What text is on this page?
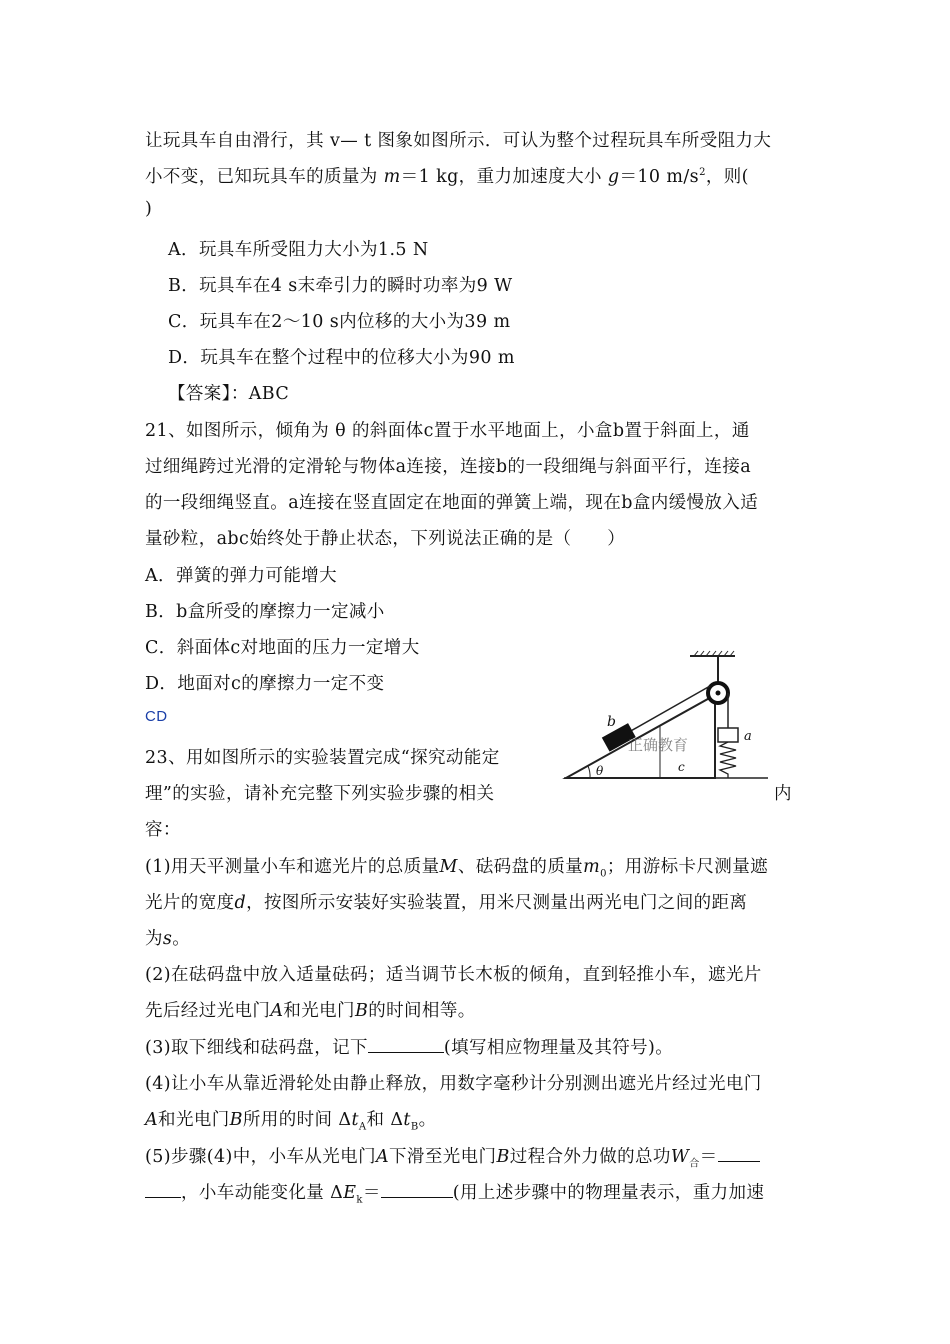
让玩具车自由滑行，其 v— t 图象如图所示．可认为整个过程玩具车所受阻力大
小不变，已知玩具车的质量为 m＝1 kg，重力加速度大小 g＝10 $m/s^2$，则(
)
A．玩具车所受阻力大小为1.5 N
B．玩具车在4 s末牵引力的瞬时功率为9 W
C．玩具车在2～10 s内位移的大小为39 m
D．玩具车在整个过程中的位移大小为90 m
【答案】：ABC
21、如图所示，倾角为 θ 的斜面体c置于水平地面上，小盒b置于斜面上，通
过细绳跨过光滑的定滑轮与物体a连接，连接b的一段细绳与斜面平行，连接a
的一段细绳竖直。a连接在竖直固定在地面的弹簧上端，现在b盒内缓慢放入适
量砂粒，abc始终处于静止状态，下列说法正确的是（　　）
A．弹簧的弹力可能增大
B．b盒所受的摩擦力一定减小
C．斜面体c对地面的压力一定增大
D．地面对c的摩擦力一定不变
CD	b
a
c
θ
正确教育
23、用如图所示的实验装置完成“探究动能定
理”的实验，请补充完整下列实验步骤的相关	内
容：
(1)用天平测量小车和遮光片的总质量M、砝码盘的质量$m_0$；用游标卡尺测量遮
光片的宽度d，按图所示安装好实验装置，用米尺测量出两光电门之间的距离
为s。
(2)在砝码盘中放入适量砝码；适当调节长木板的倾角，直到轻推小车，遮光片
先后经过光电门A和光电门B的时间相等。
(3)取下细线和砝码盘，记下	(填写相应物理量及其符号)。
(4)让小车从靠近滑轮处由静止释放，用数字毫秒计分别测出遮光片经过光电门
A和光电门B所用的时间 $\Delta t_A$和 $\Delta t_B$。
(5)步骤(4)中，小车从光电门A下滑至光电门B过程合外力做的总功$W_合=$
，小车动能变化量 $\Delta E_k=$	(用上述步骤中的物理量表示，重力加速
